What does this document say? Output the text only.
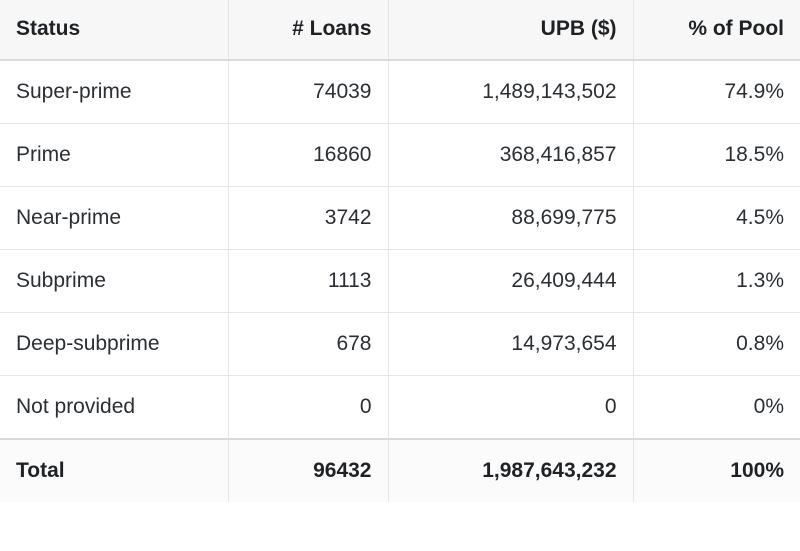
Status	# Loans	UPB ($)	% of Pool
Super-prime	74039	1,489,143,502	74.9%
Prime	16860	368,416,857	18.5%
Near-prime	3742	88,699,775	4.5%
Subprime	1113	26,409,444	1.3%
Deep-subprime	678	14,973,654	0.8%
Not provided	0	0	0%
Total	96432	1,987,643,232	100%
